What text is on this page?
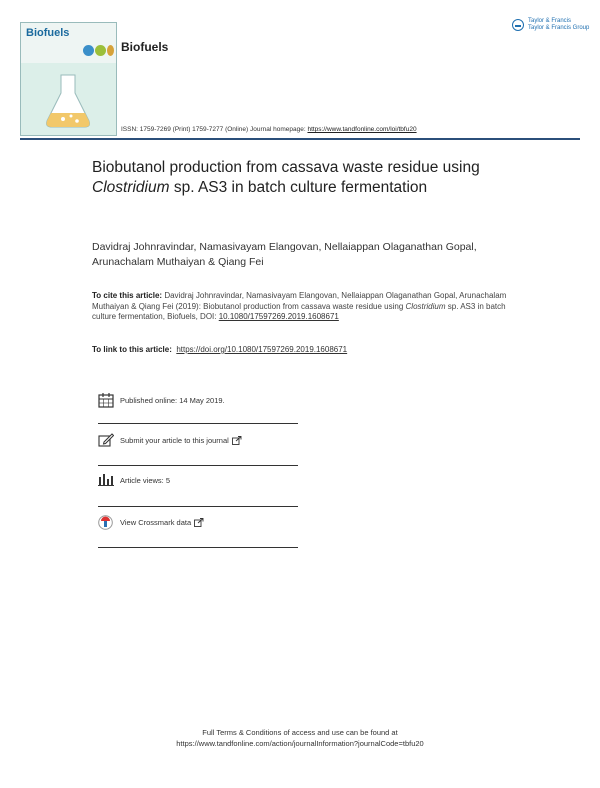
Biofuels
Biofuels
Taylor & Francis
Taylor & Francis Group
ISSN: 1759-7269 (Print) 1759-7277 (Online) Journal homepage: https://www.tandfonline.com/loi/tbfu20
Biobutanol production from cassava waste residue using Clostridium sp. AS3 in batch culture fermentation
Davidraj Johnravindar, Namasivayam Elangovan, Nellaiappan Olaganathan Gopal, Arunachalam Muthaiyan & Qiang Fei
To cite this article: Davidraj Johnravindar, Namasivayam Elangovan, Nellaiappan Olaganathan Gopal, Arunachalam Muthaiyan & Qiang Fei (2019): Biobutanol production from cassava waste residue using Clostridium sp. AS3 in batch culture fermentation, Biofuels, DOI: 10.1080/17597269.2019.1608671
To link to this article: https://doi.org/10.1080/17597269.2019.1608671
Published online: 14 May 2019.
Submit your article to this journal
Article views: 5
View Crossmark data
Full Terms & Conditions of access and use can be found at
https://www.tandfonline.com/action/journalInformation?journalCode=tbfu20
